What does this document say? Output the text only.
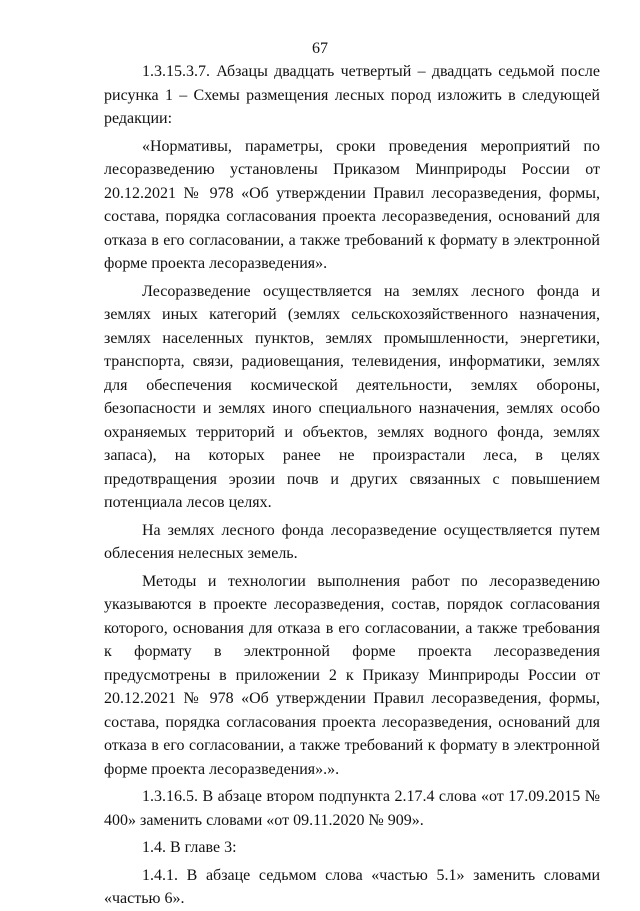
67

1.3.15.3.7. Абзацы двадцать четвертый – двадцать седьмой после рисунка 1 – Схемы размещения лесных пород изложить в следующей редакции:

«Нормативы, параметры, сроки проведения мероприятий по лесоразведению установлены Приказом Минприроды России от 20.12.2021 № 978 «Об утверждении Правил лесоразведения, формы, состава, порядка согласования проекта лесоразведения, оснований для отказа в его согласовании, а также требований к формату в электронной форме проекта лесоразведения».

Лесоразведение осуществляется на землях лесного фонда и землях иных категорий (землях сельскохозяйственного назначения, землях населенных пунктов, землях промышленности, энергетики, транспорта, связи, радиовещания, телевидения, информатики, землях для обеспечения космической деятельности, землях обороны, безопасности и землях иного специального назначения, землях особо охраняемых территорий и объектов, землях водного фонда, землях запаса), на которых ранее не произрастали леса, в целях предотвращения эрозии почв и других связанных с повышением потенциала лесов целях.

На землях лесного фонда лесоразведение осуществляется путем облесения нелесных земель.

Методы и технологии выполнения работ по лесоразведению указываются в проекте лесоразведения, состав, порядок согласования которого, основания для отказа в его согласовании, а также требования к формату в электронной форме проекта лесоразведения предусмотрены в приложении 2 к Приказу Минприроды России от 20.12.2021 № 978 «Об утверждении Правил лесоразведения, формы, состава, порядка согласования проекта лесоразведения, оснований для отказа в его согласовании, а также требований к формату в электронной форме проекта лесоразведения».».

1.3.16.5. В абзаце втором подпункта 2.17.4 слова «от 17.09.2015 № 400» заменить словами «от 09.11.2020 № 909».

1.4. В главе 3:

1.4.1. В абзаце седьмом слова «частью 5.1» заменить словами «частью 6».
